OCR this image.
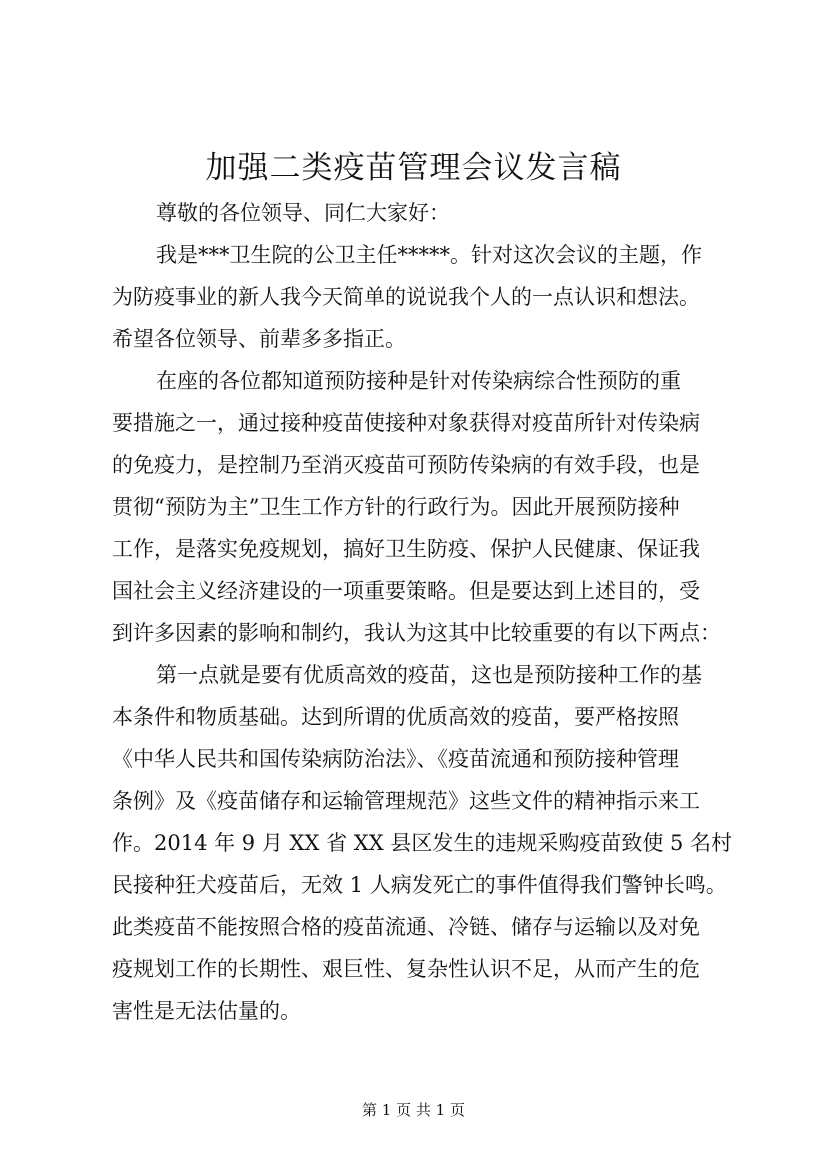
加强二类疫苗管理会议发言稿
尊敬的各位领导、同仁大家好：
我是***卫生院的公卫主任*****。针对这次会议的主题，作
为防疫事业的新人我今天简单的说说我个人的一点认识和想法。
希望各位领导、前辈多多指正。
在座的各位都知道预防接种是针对传染病综合性预防的重
要措施之一，通过接种疫苗使接种对象获得对疫苗所针对传染病
的免疫力，是控制乃至消灭疫苗可预防传染病的有效手段，也是
贯彻“预防为主”卫生工作方针的行政行为。因此开展预防接种
工作，是落实免疫规划，搞好卫生防疫、保护人民健康、保证我
国社会主义经济建设的一项重要策略。但是要达到上述目的，受
到许多因素的影响和制约，我认为这其中比较重要的有以下两点：
第一点就是要有优质高效的疫苗，这也是预防接种工作的基
本条件和物质基础。达到所谓的优质高效的疫苗，要严格按照
《中华人民共和国传染病防治法》、《疫苗流通和预防接种管理
条例》及《疫苗储存和运输管理规范》这些文件的精神指示来工
作。2014 年 9 月 XX 省 XX 县区发生的违规采购疫苗致使 5 名村
民接种狂犬疫苗后，无效 1 人病发死亡的事件值得我们警钟长鸣。
此类疫苗不能按照合格的疫苗流通、冷链、储存与运输以及对免
疫规划工作的长期性、艰巨性、复杂性认识不足，从而产生的危
害性是无法估量的。
第 1 页 共 1 页
